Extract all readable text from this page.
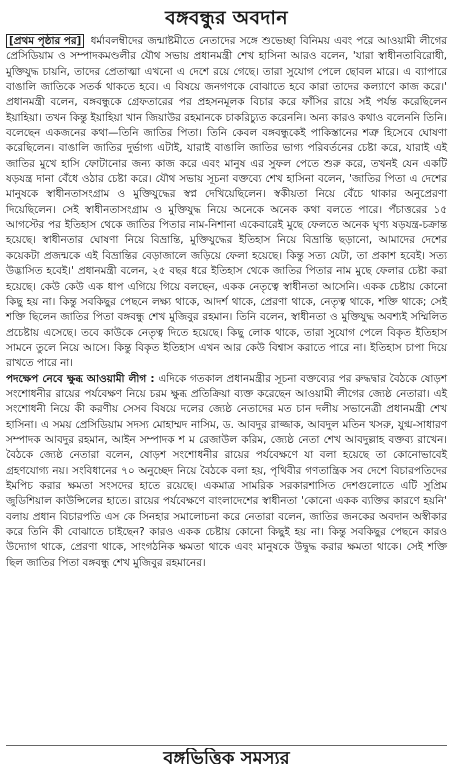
বঙ্গবন্ধুর অবদান

[প্রথম পৃষ্ঠার পর] ধর্মাবলম্বীদের জন্মাষ্টমীতে নেতাদের সঙ্গে শুভেচ্ছা বিনিময় এবং পরে আওয়ামী লীগের প্রেসিডিয়াম ও সম্পাদকমণ্ডলীর যৌথ সভায় প্রধানমন্ত্রী শেখ হাসিনা আরও বলেন, 'যারা স্বাধীনতাবিরোধী, মুক্তিযুদ্ধ চায়নি, তাদের প্রেতাত্মা এখনো এ দেশে রয়ে গেছে। তারা সুযোগ পেলে ছোবল মারে। এ ব্যাপারে বাঙালি জাতিকে সতর্ক থাকতে হবে। এ বিষয়ে জনগণকে বোঝাতে হবে কারা তাদের কল্যাণে কাজ করে।' প্রধানমন্ত্রী বলেন, বঙ্গবন্ধুকে গ্রেফতারের পর প্রহসনমূলক বিচার করে ফাঁসির রায়ে সই পর্যন্ত করেছিলেন ইয়াহিয়া। তখন কিন্তু ইয়াহিয়া খান জিয়াউর রহমানকে চাকরিচ্যুত করেননি। অন্য কারও কথাও বলেননি তিনি। বলেছেন একজনের কথা—তিনি জাতির পিতা। তিনি কেবল বঙ্গবন্ধুকেই পাকিস্তানের শত্রু হিসেবে ঘোষণা করেছিলেন। বাঙালি জাতির দুর্ভাগ্য এটাই, যারাই বাঙালি জাতির ভাগ্য পরিবর্তনের চেষ্টা করে, যারাই এই জাতির মুখে হাসি ফোটানোর জন্য কাজ করে এবং মানুষ এর সুফল পেতে শুরু করে, তখনই যেন একটি ষড়যন্ত্র দানা বেঁধে ওঠার চেষ্টা করে। যৌথ সভায় সূচনা বক্তব্যে শেখ হাসিনা বলেন, 'জাতির পিতা এ দেশের মানুষকে স্বাধীনতাসংগ্রাম ও মুক্তিযুদ্ধের স্বপ্ন দেখিয়েছিলেন। স্বকীয়তা নিয়ে বেঁচে থাকার অনুপ্রেরণা দিয়েছিলেন। সেই স্বাধীনতাসংগ্রাম ও মুক্তিযুদ্ধ নিয়ে অনেকে অনেক কথা বলতে পারে। পঁচাত্তরের ১৫ আগস্টের পর ইতিহাস থেকে জাতির পিতার নাম-নিশানা একেবারেই মুছে ফেলতে অনেক ঘৃণ্য ষড়যন্ত্র-চক্রান্ত হয়েছে। স্বাধীনতার ঘোষণা নিয়ে বিভ্রান্তি, মুক্তিযুদ্ধের ইতিহাস নিয়ে বিভ্রান্তি ছড়ানো, আমাদের দেশের কয়েকটা প্রজন্মকে এই বিভ্রান্তির বেড়াজালে জড়িয়ে ফেলা হয়েছে। কিন্তু সত্য যেটা, তা প্রকাশ হবেই। সত্য উদ্ভাসিত হবেই।' প্রধানমন্ত্রী বলেন, ২৫ বছর ধরে ইতিহাস থেকে জাতির পিতার নাম মুছে ফেলার চেষ্টা করা হয়েছে। কেউ কেউ এক ধাপ এগিয়ে গিয়ে বলছেন, একক নেতৃত্বে স্বাধীনতা আসেনি। একক চেষ্টায় কোনো কিছু হয় না। কিন্তু সবকিছুর পেছনে লক্ষ্য থাকে, আদর্শ থাকে, প্রেরণা থাকে, নেতৃত্ব থাকে, শক্তি থাকে; সেই শক্তি ছিলেন জাতির পিতা বঙ্গবন্ধু শেখ মুজিবুর রহমান। তিনি বলেন, স্বাধীনতা ও মুক্তিযুদ্ধ অবশ্যই সম্মিলিত প্রচেষ্টায় এসেছে। তবে কাউকে নেতৃত্ব দিতে হয়েছে। কিছু লোক থাকে, তারা সুযোগ পেলে বিকৃত ইতিহাস সামনে তুলে নিয়ে আসে। কিন্তু বিকৃত ইতিহাস এখন আর কেউ বিশ্বাস করাতে পারে না। ইতিহাস চাপা দিয়ে রাখতে পারে না।

পদক্ষেপ নেবে ক্ষুব্ধ আওয়ামী লীগ : এদিকে গতকাল প্রধানমন্ত্রীর সূচনা বক্তব্যের পর রুদ্ধদ্বার বৈঠকে ষোড়শ সংশোধনীর রায়ের পর্যবেক্ষণ নিয়ে চরম ক্ষুব্ধ প্রতিক্রিয়া ব্যক্ত করেছেন আওয়ামী লীগের জ্যেষ্ঠ নেতারা। এই সংশোধনী নিয়ে কী করণীয় সেসব বিষয়ে দলের জ্যেষ্ঠ নেতাদের মত চান দলীয় সভানেত্রী প্রধানমন্ত্রী শেখ হাসিনা। এ সময় প্রেসিডিয়াম সদস্য মোহাম্মদ নাসিম, ড. আবদুর রাজ্জাক, আবদুল মতিন খসরু, যুগ্ম-সাধারণ সম্পাদক আবদুর রহমান, আইন সম্পাদক শ ম রেজাউল করিম, জ্যেষ্ঠ নেতা শেখ আবদুল্লাহ বক্তব্য রাখেন। বৈঠকে জ্যেষ্ঠ নেতারা বলেন, ষোড়শ সংশোধনীর রায়ের পর্যবেক্ষণে যা বলা হয়েছে তা কোনোভাবেই গ্রহণযোগ্য নয়। সংবিধানের ৭০ অনুচ্ছেদ নিয়ে বৈঠকে বলা হয়, পৃথিবীর গণতান্ত্রিক সব দেশে বিচারপতিদের ইমপিচ করার ক্ষমতা সংসদের হাতে রয়েছে। একমাত্র সামরিক সরকারশাসিত দেশগুলোতে এটি সুপ্রিম জুডিশিয়াল কাউন্সিলের হাতে। রায়ের পর্যবেক্ষণে বাংলাদেশের স্বাধীনতা 'কোনো একক ব্যক্তির কারণে হয়নি' বলায় প্রধান বিচারপতি এস কে সিনহার সমালোচনা করে নেতারা বলেন, জাতির জনকের অবদান অস্বীকার করে তিনি কী বোঝাতে চাইছেন? কারও একক চেষ্টায় কোনো কিছুই হয় না। কিন্তু সবকিছুর পেছনে কারও উদ্যোগ থাকে, প্রেরণা থাকে, সাংগঠনিক ক্ষমতা থাকে এবং মানুষকে উদ্বুদ্ধ করার ক্ষমতা থাকে। সেই শক্তি ছিল জাতির পিতা বঙ্গবন্ধু শেখ মুজিবুর রহমানের।

বঙ্গভিত্তিক সমস্যর
